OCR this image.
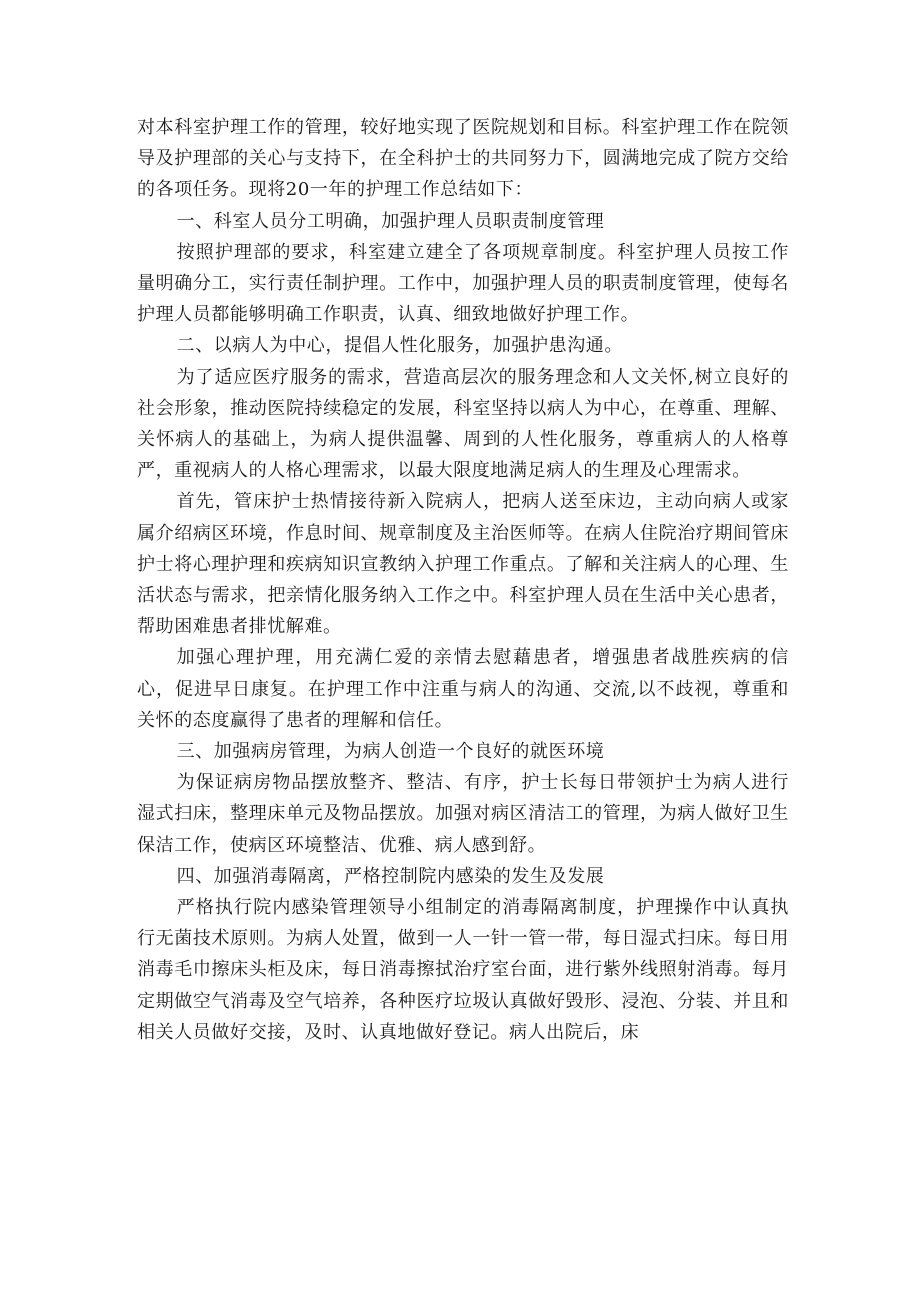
对本科室护理工作的管理，较好地实现了医院规划和目标。科室护理工作在院领导及护理部的关心与支持下，在全科护士的共同努力下，圆满地完成了院方交给的各项任务。现将20一年的护理工作总结如下：

一、科室人员分工明确，加强护理人员职责制度管理

按照护理部的要求，科室建立建全了各项规章制度。科室护理人员按工作量明确分工，实行责任制护理。工作中，加强护理人员的职责制度管理，使每名护理人员都能够明确工作职责，认真、细致地做好护理工作。

二、以病人为中心，提倡人性化服务，加强护患沟通。

为了适应医疗服务的需求，营造高层次的服务理念和人文关怀,树立良好的社会形象，推动医院持续稳定的发展，科室坚持以病人为中心，在尊重、理解、关怀病人的基础上，为病人提供温馨、周到的人性化服务，尊重病人的人格尊严，重视病人的人格心理需求，以最大限度地满足病人的生理及心理需求。

首先，管床护士热情接待新入院病人，把病人送至床边，主动向病人或家属介绍病区环境，作息时间、规章制度及主治医师等。在病人住院治疗期间管床护士将心理护理和疾病知识宣教纳入护理工作重点。了解和关注病人的心理、生活状态与需求，把亲情化服务纳入工作之中。科室护理人员在生活中关心患者，帮助困难患者排忧解难。

加强心理护理，用充满仁爱的亲情去慰藉患者，增强患者战胜疾病的信心，促进早日康复。在护理工作中注重与病人的沟通、交流,以不歧视，尊重和关怀的态度赢得了患者的理解和信任。

三、加强病房管理，为病人创造一个良好的就医环境

为保证病房物品摆放整齐、整洁、有序，护士长每日带领护士为病人进行湿式扫床，整理床单元及物品摆放。加强对病区清洁工的管理，为病人做好卫生保洁工作，使病区环境整洁、优雅、病人感到舒。

四、加强消毒隔离，严格控制院内感染的发生及发展

严格执行院内感染管理领导小组制定的消毒隔离制度，护理操作中认真执行无菌技术原则。为病人处置，做到一人一针一管一带，每日湿式扫床。每日用消毒毛巾擦床头柜及床，每日消毒擦拭治疗室台面，进行紫外线照射消毒。每月定期做空气消毒及空气培养，各种医疗垃圾认真做好毁形、浸泡、分装、并且和相关人员做好交接，及时、认真地做好登记。病人出院后，床
